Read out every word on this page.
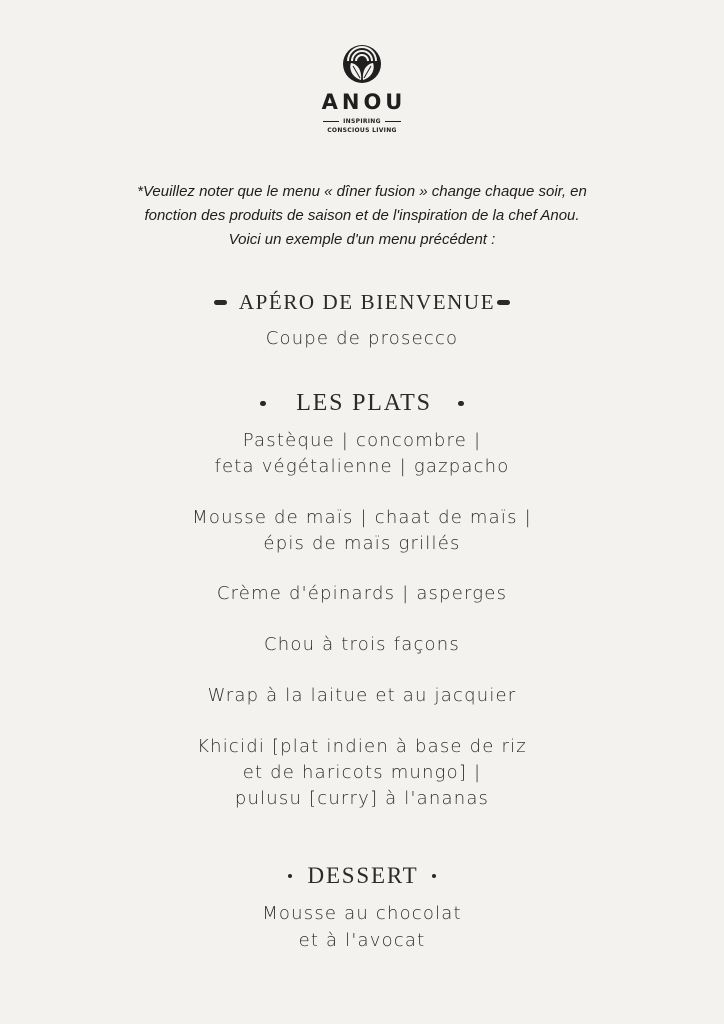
ANOU
INSPIRING
CONSCIOUS LIVING
*Veuillez noter que le menu « dîner fusion » change chaque soir, en
fonction des produits de saison et de l'inspiration de la chef Anou.
Voici un exemple d'un menu précédent :
APÉRO DE BIENVENUE
Coupe de prosecco
LES PLATS
Pastèque | concombre |
feta végétalienne | gazpacho
Mousse de maïs | chaat de maïs |
épis de maïs grillés
Crème d'épinards | asperges
Chou à trois façons
Wrap à la laitue et au jacquier
Khicidi [plat indien à base de riz
et de haricots mungo] |
pulusu [curry] à l'ananas
DESSERT
Mousse au chocolat
et à l'avocat
